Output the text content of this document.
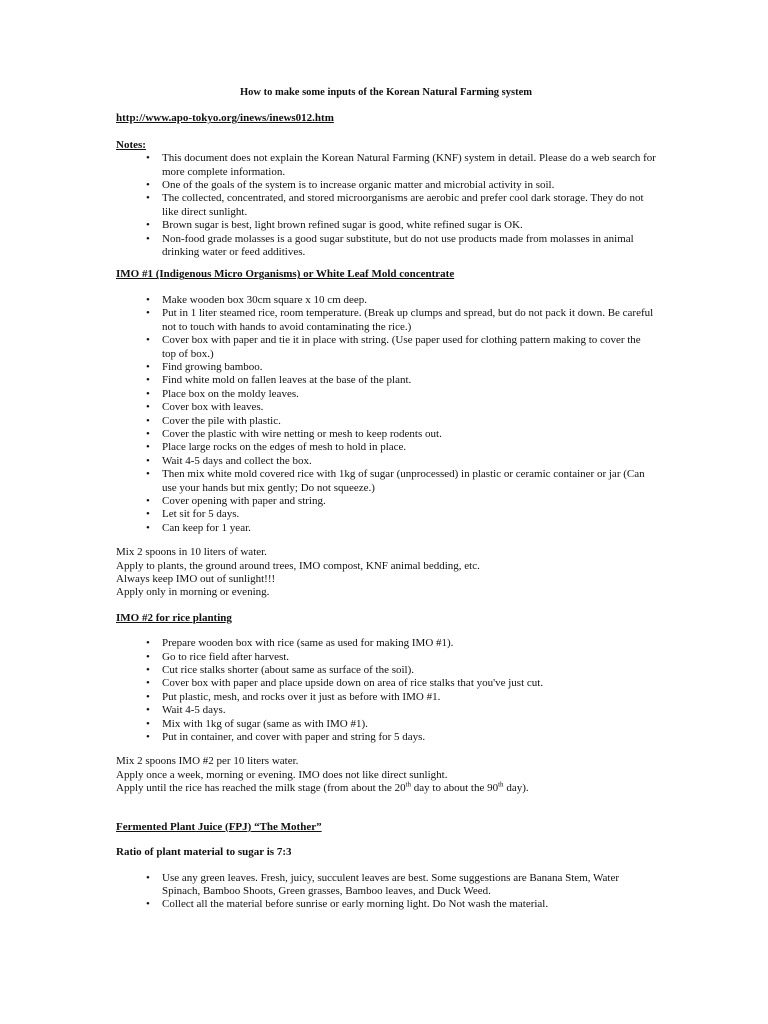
How to make some inputs of the Korean Natural Farming system

http://www.apo-tokyo.org/inews/inews012.htm

Notes:

• This document does not explain the Korean Natural Farming (KNF) system in detail. Please do a web search for more complete information.
• One of the goals of the system is to increase organic matter and microbial activity in soil.
• The collected, concentrated, and stored microorganisms are aerobic and prefer cool dark storage. They do not like direct sunlight.
• Brown sugar is best, light brown refined sugar is good, white refined sugar is OK.
• Non-food grade molasses is a good sugar substitute, but do not use products made from molasses in animal drinking water or feed additives.

IMO #1 (Indigenous Micro Organisms) or White Leaf Mold concentrate

• Make wooden box 30cm square x 10 cm deep.
• Put in 1 liter steamed rice, room temperature. (Break up clumps and spread, but do not pack it down. Be careful not to touch with hands to avoid contaminating the rice.)
• Cover box with paper and tie it in place with string. (Use paper used for clothing pattern making to cover the top of box.)
• Find growing bamboo.
• Find white mold on fallen leaves at the base of the plant.
• Place box on the moldy leaves.
• Cover box with leaves.
• Cover the pile with plastic.
• Cover the plastic with wire netting or mesh to keep rodents out.
• Place large rocks on the edges of mesh to hold in place.
• Wait 4-5 days and collect the box.
• Then mix white mold covered rice with 1kg of sugar (unprocessed) in plastic or ceramic container or jar (Can use your hands but mix gently; Do not squeeze.)
• Cover opening with paper and string.
• Let sit for 5 days.
• Can keep for 1 year.

Mix 2 spoons in 10 liters of water.

Apply to plants, the ground around trees, IMO compost, KNF animal bedding, etc.

Always keep IMO out of sunlight!!!

Apply only in morning or evening.

IMO #2 for rice planting

• Prepare wooden box with rice (same as used for making IMO #1).
• Go to rice field after harvest.
• Cut rice stalks shorter (about same as surface of the soil).
• Cover box with paper and place upside down on area of rice stalks that you've just cut.
• Put plastic, mesh, and rocks over it just as before with IMO #1.
• Wait 4-5 days.
• Mix with 1kg of sugar (same as with IMO #1).
• Put in container, and cover with paper and string for 5 days.

Mix 2 spoons IMO #2 per 10 liters water.

Apply once a week, morning or evening. IMO does not like direct sunlight.

Apply until the rice has reached the milk stage (from about the 20th day to about the 90th day).

Fermented Plant Juice (FPJ) “The Mother”

Ratio of plant material to sugar is 7:3

• Use any green leaves. Fresh, juicy, succulent leaves are best. Some suggestions are Banana Stem, Water Spinach, Bamboo Shoots, Green grasses, Bamboo leaves, and Duck Weed.
• Collect all the material before sunrise or early morning light. Do Not wash the material.
